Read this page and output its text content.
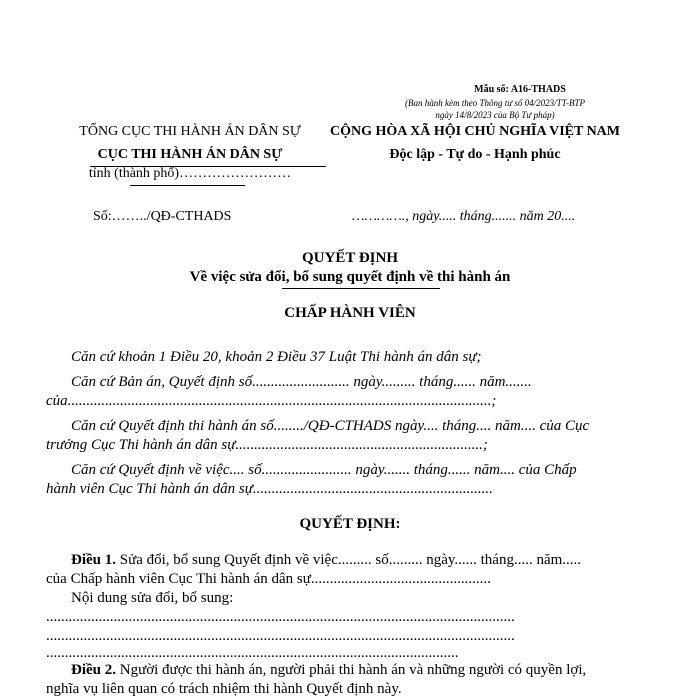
Mẫu số: A16-THADS
(Ban hành kèm theo Thông tư số 04/2023/TT-BTP
ngày 14/8/2023 của Bộ Tư pháp)
TỔNG CỤC THI HÀNH ÁN DÂN SỰ
CỤC THI HÀNH ÁN DÂN SỰ
tỉnh (thành phố)……………………
CỘNG HÒA XÃ HỘI CHỦ NGHĨA VIỆT NAM
Độc lập - Tự do - Hạnh phúc
Số:……../QĐ-CTHADS	…………., ngày..... tháng....... năm 20....
QUYẾT ĐỊNH
Về việc sửa đổi, bổ sung quyết định về thi hành án
CHẤP HÀNH VIÊN
Căn cứ khoản 1 Điều 20, khoản 2 Điều 37 Luật Thi hành án dân sự;
Căn cứ Bản án, Quyết định số.......................... ngày......... tháng...... năm.......
của.................................................................................................................;
Căn cứ Quyết định thi hành án số......../QĐ-CTHADS ngày.... tháng.... năm.... của Cục
trưởng Cục Thi hành án dân sự..................................................................;
Căn cứ Quyết định về việc.... số........................ ngày....... tháng...... năm.... của Chấp
hành viên Cục Thi hành án dân sự................................................................
QUYẾT ĐỊNH:
Điều 1. Sửa đổi, bổ sung Quyết định về việc......... số......... ngày...... tháng..... năm.....
của Chấp hành viên Cục Thi hành án dân sự................................................
Nội dung sửa đổi, bổ sung:
.............................................................................................................................
.............................................................................................................................
..............................................................................................................
Điều 2. Người được thi hành án, người phải thi hành án và những người có quyền lợi,
nghĩa vụ liên quan có trách nhiệm thi hành Quyết định này.
